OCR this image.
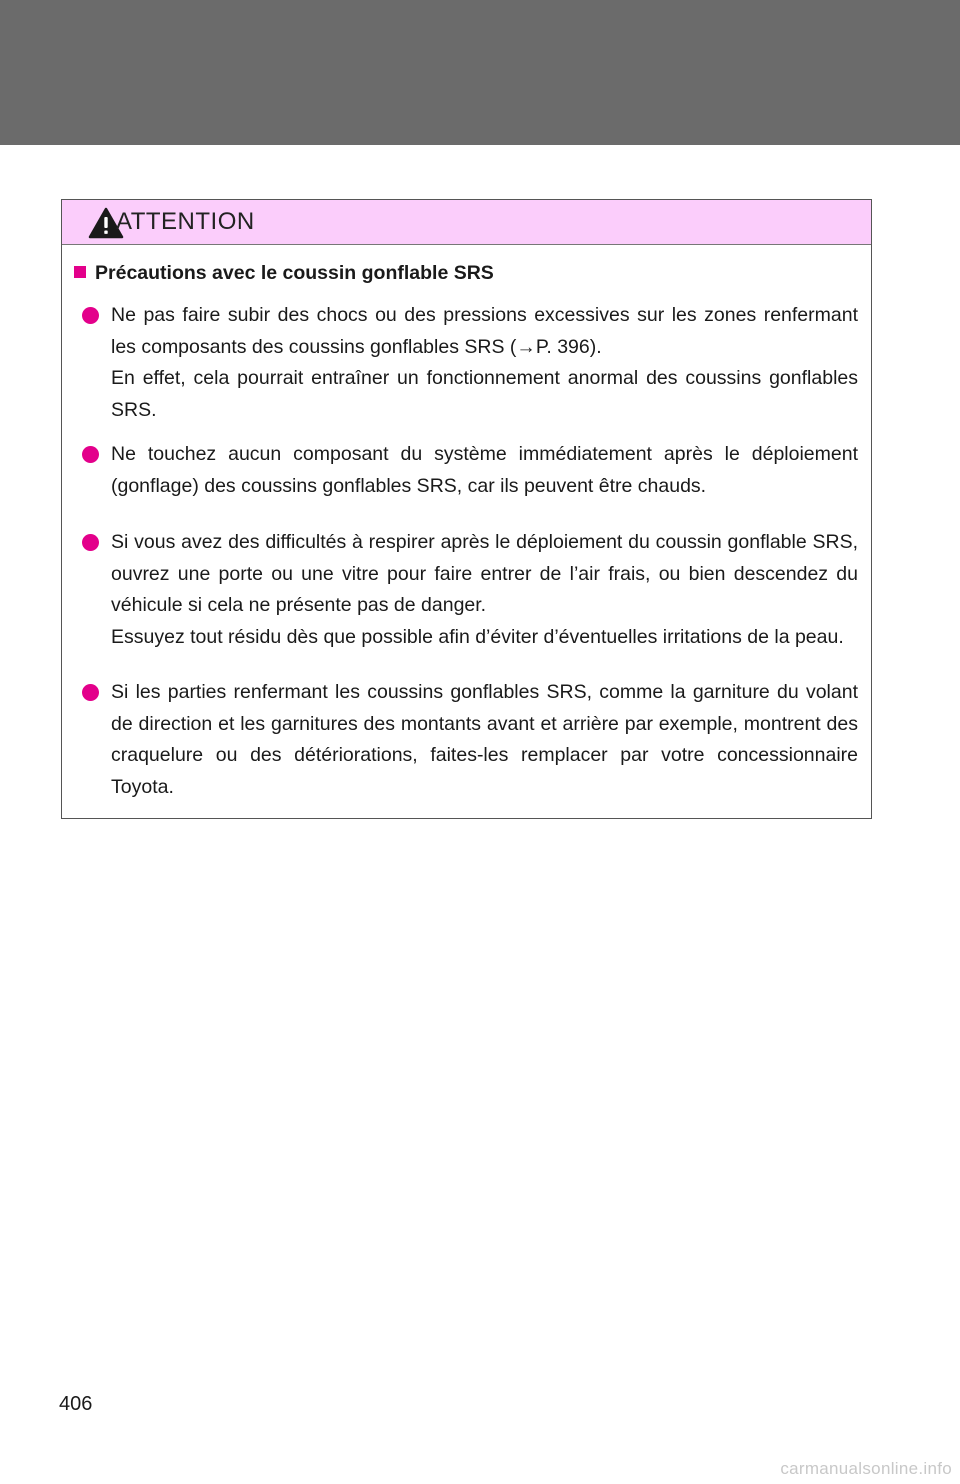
ATTENTION
Précautions avec le coussin gonflable SRS

Ne pas faire subir des chocs ou des pressions excessives sur les zones renfermant les composants des coussins gonflables SRS (→P. 396).

En effet, cela pourrait entraîner un fonctionnement anormal des coussins gonflables SRS.

Ne touchez aucun composant du système immédiatement après le déploiement (gonflage) des coussins gonflables SRS, car ils peuvent être chauds.

Si vous avez des difficultés à respirer après le déploiement du coussin gonflable SRS, ouvrez une porte ou une vitre pour faire entrer de l’air frais, ou bien descendez du véhicule si cela ne présente pas de danger.

Essuyez tout résidu dès que possible afin d’éviter d’éventuelles irritations de la peau.

Si les parties renfermant les coussins gonflables SRS, comme la garniture du volant de direction et les garnitures des montants avant et arrière par exemple, montrent des craquelure ou des détériorations, faites-les remplacer par votre concessionnaire Toyota.

406
carmanualsonline.info
